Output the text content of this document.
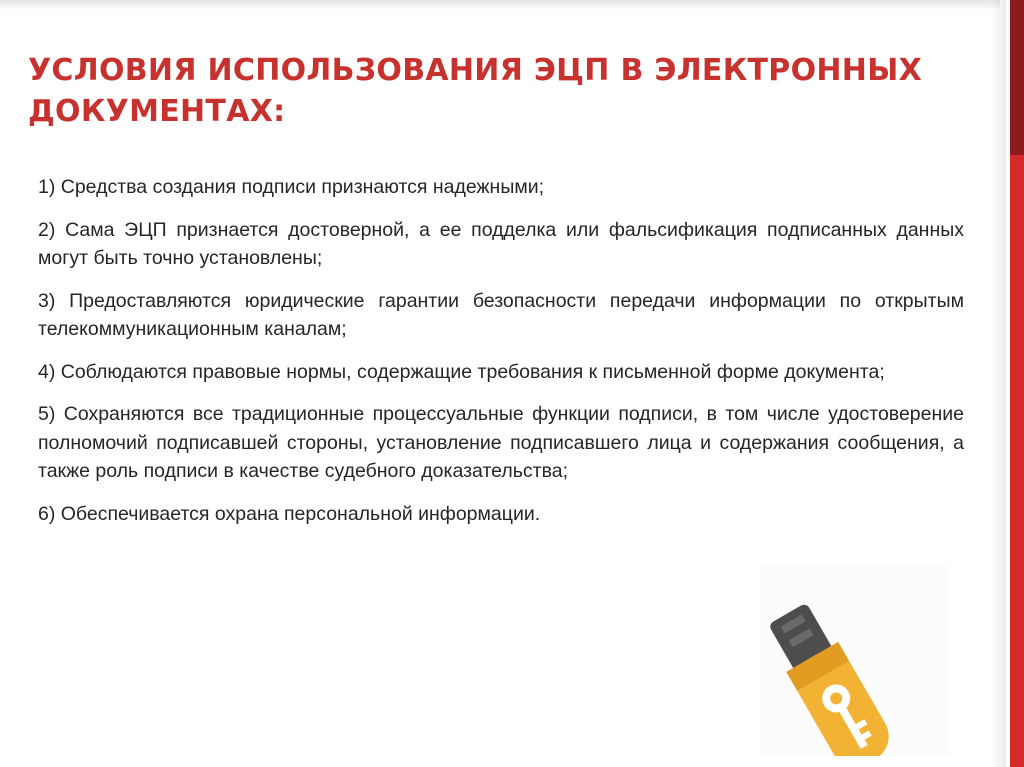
УСЛОВИЯ ИСПОЛЬЗОВАНИЯ ЭЦП В ЭЛЕКТРОННЫХ ДОКУМЕНТАХ:

1) Средства создания подписи признаются надежными;

2) Сама ЭЦП признается достоверной, а ее подделка или фальсификация подписанных данных могут быть точно установлены;

3) Предоставляются юридические гарантии безопасности передачи информации по открытым телекоммуникационным каналам;

4) Соблюдаются правовые нормы, содержащие требования к письменной форме документа;

5) Сохраняются все традиционные процессуальные функции подписи, в том числе удостоверение полномочий подписавшей стороны, установление подписавшего лица и содержания сообщения, а также роль подписи в качестве судебного доказательства;

6) Обеспечивается охрана персональной информации.
